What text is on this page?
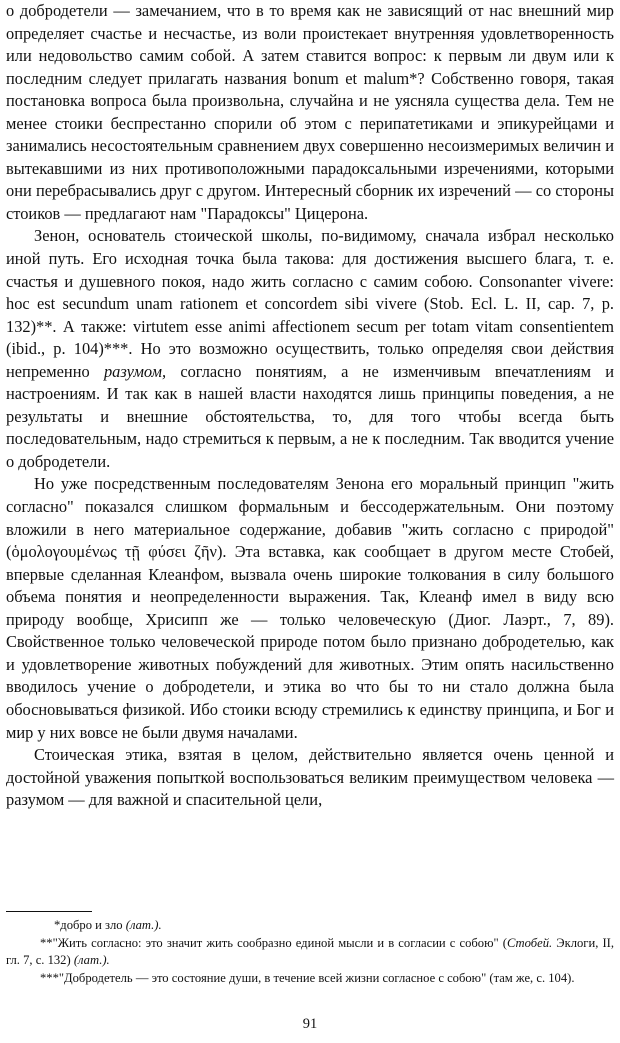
о добродетели — замечанием, что в то время как не зависящий от нас внешний мир определяет счастье и несчастье, из воли проистекает внутренняя удовлетворенность или недовольство самим собой. А затем ставится вопрос: к первым ли двум или к последним следует прилагать названия bonum et malum*? Собственно говоря, такая постановка вопроса была произвольна, случайна и не уясняла существа дела. Тем не менее стоики беспрестанно спорили об этом с перипатетиками и эпикурейцами и занимались несостоятельным сравнением двух совершенно несоизмеримых величин и вытекавшими из них противоположными парадоксальными изречениями, которыми они перебрасывались друг с другом. Интересный сборник их изречений — со стороны стоиков — предлагают нам "Парадоксы" Цицерона.

Зенон, основатель стоической школы, по-видимому, сначала избрал несколько иной путь. Его исходная точка была такова: для достижения высшего блага, т. е. счастья и душевного покоя, надо жить согласно с самим собою. Consonanter vivere: hoc est secundum unam rationem et concordem sibi vivere (Stob. Ecl. L. II, cap. 7, p. 132)**. А также: virtutem esse animi affectionem secum per totam vitam consentientem (ibid., p. 104)***. Но это возможно осуществить, только определяя свои действия непременно разумом, согласно понятиям, а не изменчивым впечатлениям и настроениям. И так как в нашей власти находятся лишь принципы поведения, а не результаты и внешние обстоятельства, то, для того чтобы всегда быть последовательным, надо стремиться к первым, а не к последним. Так вводится учение о добродетели.

Но уже посредственным последователям Зенона его моральный принцип "жить согласно" показался слишком формальным и бессодержательным. Они поэтому вложили в него материальное содержание, добавив "жить согласно с природой" (ὁμολογουμένως τῇ φύσει ζῆν). Эта вставка, как сообщает в другом месте Стобей, впервые сделанная Клеанфом, вызвала очень широкие толкования в силу большого объема понятия и неопределенности выражения. Так, Клеанф имел в виду всю природу вообще, Хрисипп же — только человеческую (Диог. Лаэрт., 7, 89). Свойственное только человеческой природе потом было признано добродетелью, как и удовлетворение животных побуждений для животных. Этим опять насильственно вводилось учение о добродетели, и этика во что бы то ни стало должна была обосновываться физикой. Ибо стоики всюду стремились к единству принципа, и Бог и мир у них вовсе не были двумя началами.

Стоическая этика, взятая в целом, действительно является очень ценной и достойной уважения попыткой воспользоваться великим преимуществом человека — разумом — для важной и спасительной цели,

*добро и зло (лат.).

**"Жить согласно: это значит жить сообразно единой мысли и в согласии с собою" (Стобей. Эклоги, II, гл. 7, с. 132) (лат.).

***"Добродетель — это состояние души, в течение всей жизни согласное с собою" (там же, с. 104).

91
